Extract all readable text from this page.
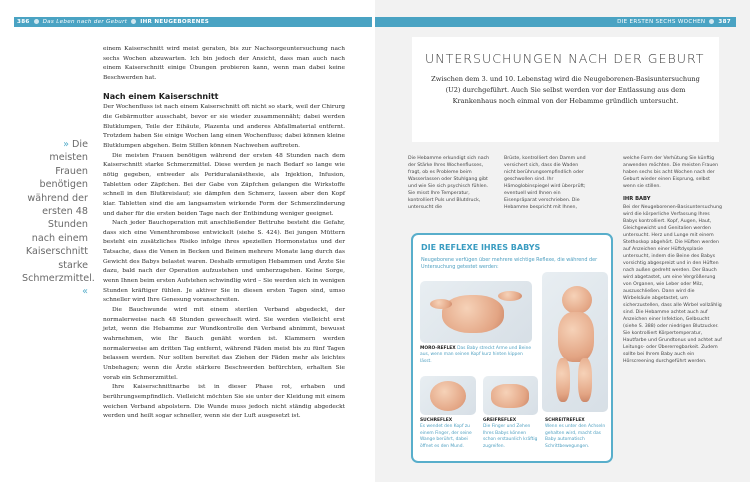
386 Das Leben nach der Geburt IHR NEUGEBORENES
» Die meisten Frauen benötigen während der ersten 48 Stunden nach einem Kaiserschnitt starke Schmerzmittel. «

einem Kaiserschnitt wird meist geraten, bis zur Nachsorgeuntersuchung nach sechs Wochen abzuwarten. Ich bin jedoch der Ansicht, dass man auch nach einem Kaiserschnitt einige Übungen probieren kann, wenn man dabei keine Beschwerden hat.

Nach einem Kaiserschnitt

Der Wochenfluss ist nach einem Kaiserschnitt oft nicht so stark, weil der Chirurg die Gebärmutter ausschabt, bevor er sie wieder zusammennäht; dabei werden Blutklumpen, Teile der Eihäute, Plazenta und anderes Abfallmaterial entfernt. Trotzdem haben Sie einige Wochen lang einen Wochenfluss; dabei können kleine Blutklumpen abgehen. Beim Stillen können Nachwehen auftreten.

Die meisten Frauen benötigen während der ersten 48 Stunden nach dem Kaiserschnitt starke Schmerzmittel. Diese werden je nach Bedarf so lange wie nötig gegeben, entweder als Periduralanästhesie, als Injektion, Infusion, Tabletten oder Zäpfchen. Bei der Gabe von Zäpfchen gelangen die Wirkstoffe schnell in den Blutkreislauf; sie dämpfen den Schmerz, lassen aber den Kopf klar. Tabletten sind die am langsamsten wirkende Form der Schmerzlinderung und daher für die ersten beiden Tage nach der Entbindung weniger geeignet.

Nach jeder Bauchoperation mit anschließender Bettruhe besteht die Gefahr, dass sich eine Venenthrombose entwickelt (siehe S. 424). Bei jungen Müttern besteht ein zusätzliches Risiko infolge ihres speziellen Hormonstatus und der Tatsache, dass die Venen in Becken und Beinen mehrere Monate lang durch das Gewicht des Babys belastet waren. Deshalb ermutigen Hebammen und Ärzte Sie dazu, bald nach der Operation aufzustehen und umherzugehen. Keine Sorge, wenn Ihnen beim ersten Aufstehen schwindlig wird – Sie werden sich in wenigen Stunden kräftiger fühlen. Je aktiver Sie in diesen ersten Tagen sind, umso schneller wird Ihre Genesung voranschreiten.

Die Bauchwunde wird mit einem sterilen Verband abgedeckt, der normalerweise nach 48 Stunden gewechselt wird. Sie werden vielleicht erst jetzt, wenn die Hebamme zur Wundkontrolle den Verband abnimmt, bewusst wahrnehmen, wie Ihr Bauch genäht worden ist. Klammern werden normalerweise am dritten Tag entfernt, während Fäden meist bis zu fünf Tagen belassen werden. Nur sollten bereitet das Ziehen der Fäden mehr als leichtes Unbehagen; wenn die Ärzte stärkere Beschwerden befürchten, erhalten Sie vorab ein Schmerzmittel.

Ihre Kaiserschnittnarbe ist in dieser Phase rot, erhaben und berührungsempfindlich. Vielleicht möchten Sie sie unter der Kleidung mit einem weichen Verband abpolstern. Die Wunde muss jedoch nicht ständig abgedeckt werden und heilt sogar schneller, wenn sie der Luft ausgesetzt ist.

DIE ERSTEN SECHS WOCHEN 387
UNTERSUCHUNGEN NACH DER GEBURT

Zwischen dem 3. und 10. Lebenstag wird die Neugeborenen-Basisuntersuchung (U2) durchgeführt. Auch Sie selbst werden vor der Entlassung aus dem Krankenhaus noch einmal von der Hebamme gründlich untersucht.

Die Hebamme erkundigt sich nach der Stärke Ihres Wochenflusses, fragt, ob es Probleme beim Wasserlassen oder Stuhlgang gibt und wie Sie sich psychisch fühlen. Sie misst Ihre Temperatur, kontrolliert Puls und Blutdruck, untersucht die
Brüste, kontrolliert den Damm und versichert sich, dass die Waden nicht berührungsempfindlich oder geschwollen sind. Ihr Hämoglobinspiegel wird überprüft; eventuell wird Ihnen ein Eisenpräparat verschrieben. Die Hebamme bespricht mit Ihnen,
welche Form der Verhütung Sie künftig anwenden möchten. Die meisten Frauen haben sechs bis acht Wochen nach der Geburt wieder einen Eisprung, selbst wenn sie stillen.
IHR BABY
Bei der Neugeborenen-Basisuntersuchung wird die körperliche Verfassung Ihres Babys kontrolliert. Kopf, Augen, Haut, Gleichgewicht und Genitalien werden untersucht. Herz und Lunge mit einem Stethoskop abgehört. Die Hüften werden auf Anzeichen einer Hüftdysplasie untersucht, indem die Beine des Babys vorsichtig abgespreizt und in den Hüften nach außen gedreht werden. Der Bauch wird abgetastet, um eine Vergrößerung von Organen, wie Leber oder Milz, auszuschließen. Dann wird die Wirbelsäule abgetastet, um sicherzustellen, dass alle Wirbel vollzählig sind. Die Hebamme achtet auch auf Anzeichen einer Infektion, Gelbsucht (siehe S. 388) oder niedrigen Blutzucker. Sie kontrolliert Körpertemperatur, Hautfarbe und Grundtonus und achtet auf Leitungs- oder Übererregbarkeit. Zudem sollte bei Ihrem Baby auch ein Hörscreening durchgeführt werden.
DIE REFLEXE IHRES BABYS
Neugeborene verfügen über mehrere wichtige Reflexe, die während der Untersuchung getestet werden:
MORO-REFLEX Das Baby streckt Arme und Beine aus, wenn man seinen Kopf kurz hinten kippen lässt.
SUCHREFLEX
Es wendet den Kopf zu einem Finger, der seine Wange berührt, dabei öffnet es den Mund.
GREIFREFLEX
Die Finger und Zehen Ihres Babys können schon erstaunlich kräftig zugreifen.
SCHREITREFLEX
Wenn es unter den Achseln gehalten wird, macht das Baby automatisch Schrittbewegungen.
